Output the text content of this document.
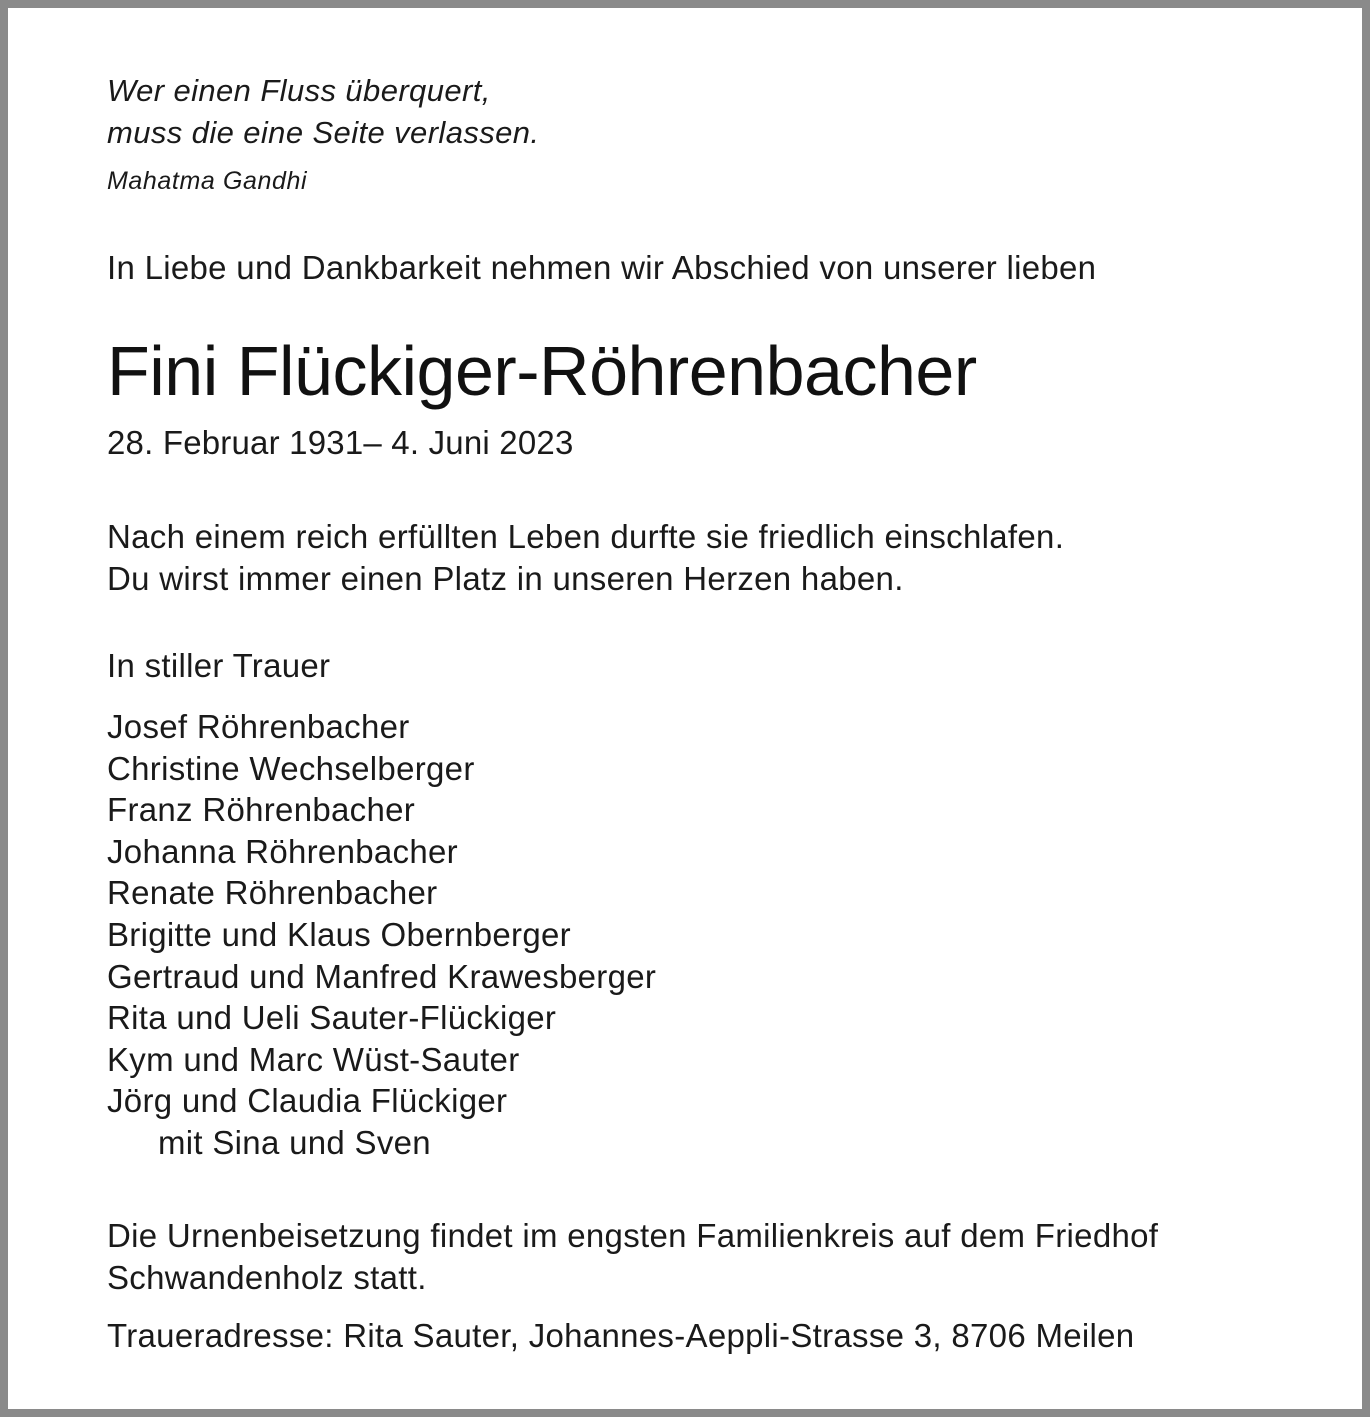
Wer einen Fluss überquert,
muss die eine Seite verlassen.
Mahatma Gandhi
In Liebe und Dankbarkeit nehmen wir Abschied von unserer lieben
Fini Flückiger-Röhrenbacher
28. Februar 1931– 4. Juni 2023
Nach einem reich erfüllten Leben durfte sie friedlich einschlafen.
Du wirst immer einen Platz in unseren Herzen haben.
In stiller Trauer
Josef Röhrenbacher
Christine Wechselberger
Franz Röhrenbacher
Johanna Röhrenbacher
Renate Röhrenbacher
Brigitte und Klaus Obernberger
Gertraud und Manfred Krawesberger
Rita und Ueli Sauter-Flückiger
Kym und Marc Wüst-Sauter
Jörg und Claudia Flückiger
mit Sina und Sven
Die Urnenbeisetzung findet im engsten Familienkreis auf dem Friedhof
Schwandenholz statt.
Traueradresse: Rita Sauter, Johannes-Aeppli-Strasse 3, 8706 Meilen
